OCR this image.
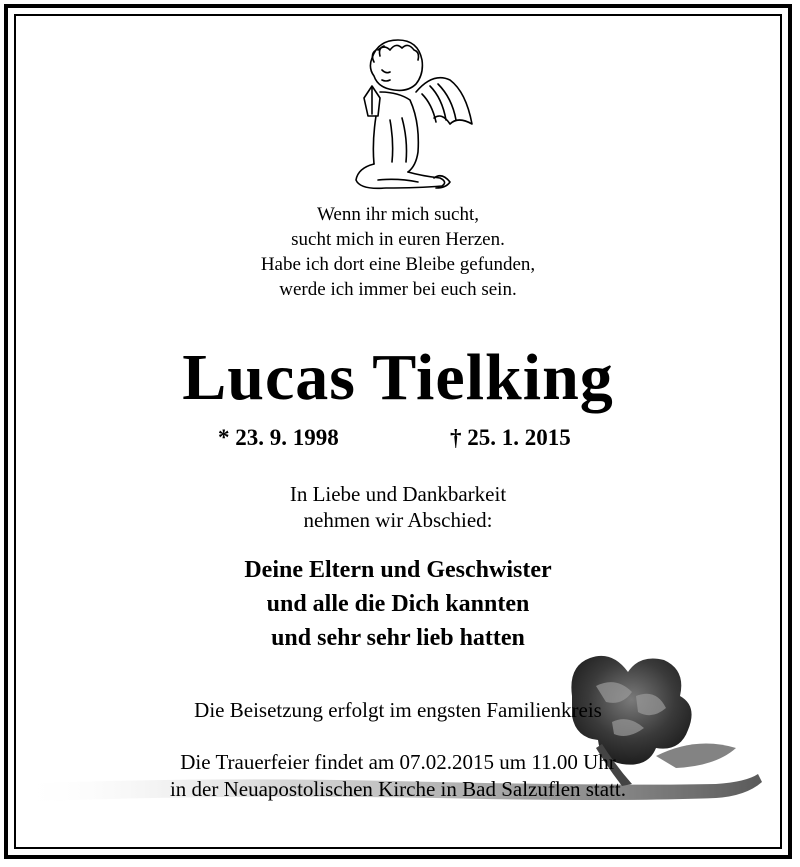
Wenn ihr mich sucht,
sucht mich in euren Herzen.
Habe ich dort eine Bleibe gefunden,
werde ich immer bei euch sein.
Lucas Tielking
* 23. 9. 1998	† 25. 1. 2015
In Liebe und Dankbarkeit
nehmen wir Abschied:
Deine Eltern und Geschwister
und alle die Dich kannten
und sehr sehr lieb hatten
Die Beisetzung erfolgt im engsten Familienkreis
Die Trauerfeier findet am 07.02.2015 um 11.00 Uhr
in der Neuapostolischen Kirche in Bad Salzuflen statt.
